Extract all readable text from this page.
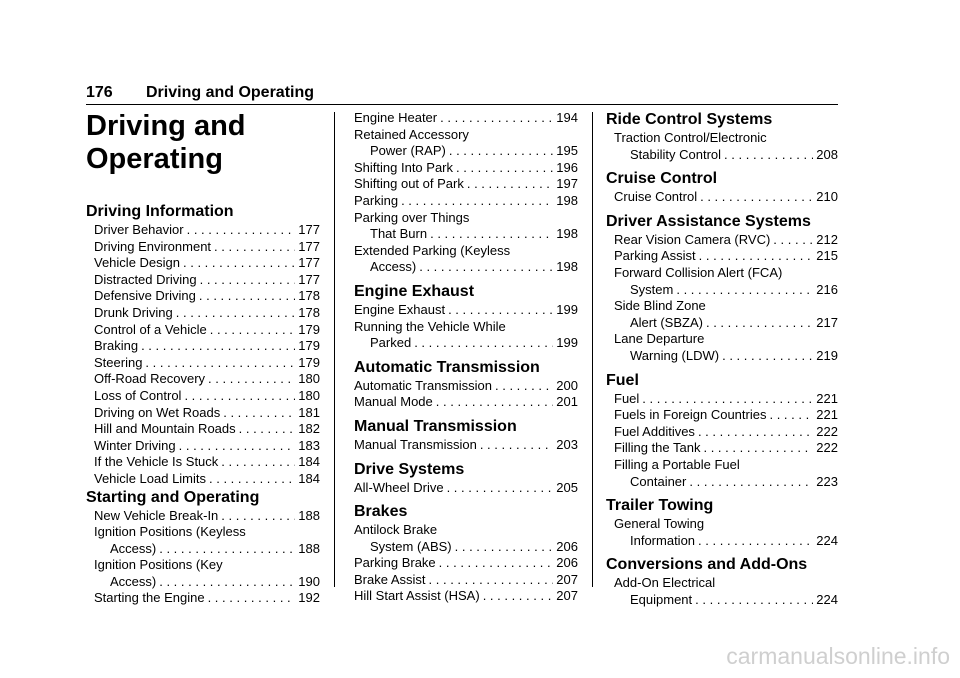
176 Driving and Operating
Driving and
Operating
Driving Information
Driver Behavior . . .	177
Driving Environment . . .	177
Vehicle Design . . .	177
Distracted Driving . . .	177
Defensive Driving . . .	178
Drunk Driving . . .	178
Control of a Vehicle . . .	179
Braking . . .	179
Steering . . .	179
Off-Road Recovery . . .	180
Loss of Control . . .	180
Driving on Wet Roads . . .	181
Hill and Mountain Roads . . .	182
Winter Driving . . .	183
If the Vehicle Is Stuck . . .	184
Vehicle Load Limits . . .	184
Starting and Operating
New Vehicle Break-In . . .	188
Ignition Positions (Keyless
Access) . . .	188
Ignition Positions (Key
Access) . . .	190
Starting the Engine . . .	192
Engine Heater . . .	194
Retained Accessory
Power (RAP) . . .	195
Shifting Into Park . . .	196
Shifting out of Park . . .	197
Parking . . .	198
Parking over Things
That Burn . . .	198
Extended Parking (Keyless
Access) . . .	198
Engine Exhaust
Engine Exhaust . . .	199
Running the Vehicle While
Parked . . .	199
Automatic Transmission
Automatic Transmission . . .	200
Manual Mode . . .	201
Manual Transmission
Manual Transmission . . .	203
Drive Systems
All-Wheel Drive . . .	205
Brakes
Antilock Brake
System (ABS) . . .	206
Parking Brake . . .	206
Brake Assist . . .	207
Hill Start Assist (HSA) . . .	207
Ride Control Systems
Traction Control/Electronic
Stability Control . . .	208
Cruise Control
Cruise Control . . .	210
Driver Assistance Systems
Rear Vision Camera (RVC) . . .	212
Parking Assist . . .	215
Forward Collision Alert (FCA)
System . . .	216
Side Blind Zone
Alert (SBZA) . . .	217
Lane Departure
Warning (LDW) . . .	219
Fuel
Fuel . . .	221
Fuels in Foreign Countries . . .	221
Fuel Additives . . .	222
Filling the Tank . . .	222
Filling a Portable Fuel
Container . . .	223
Trailer Towing
General Towing
Information . . .	224
Conversions and Add-Ons
Add-On Electrical
Equipment . . .	224
carmanualsonline.info
